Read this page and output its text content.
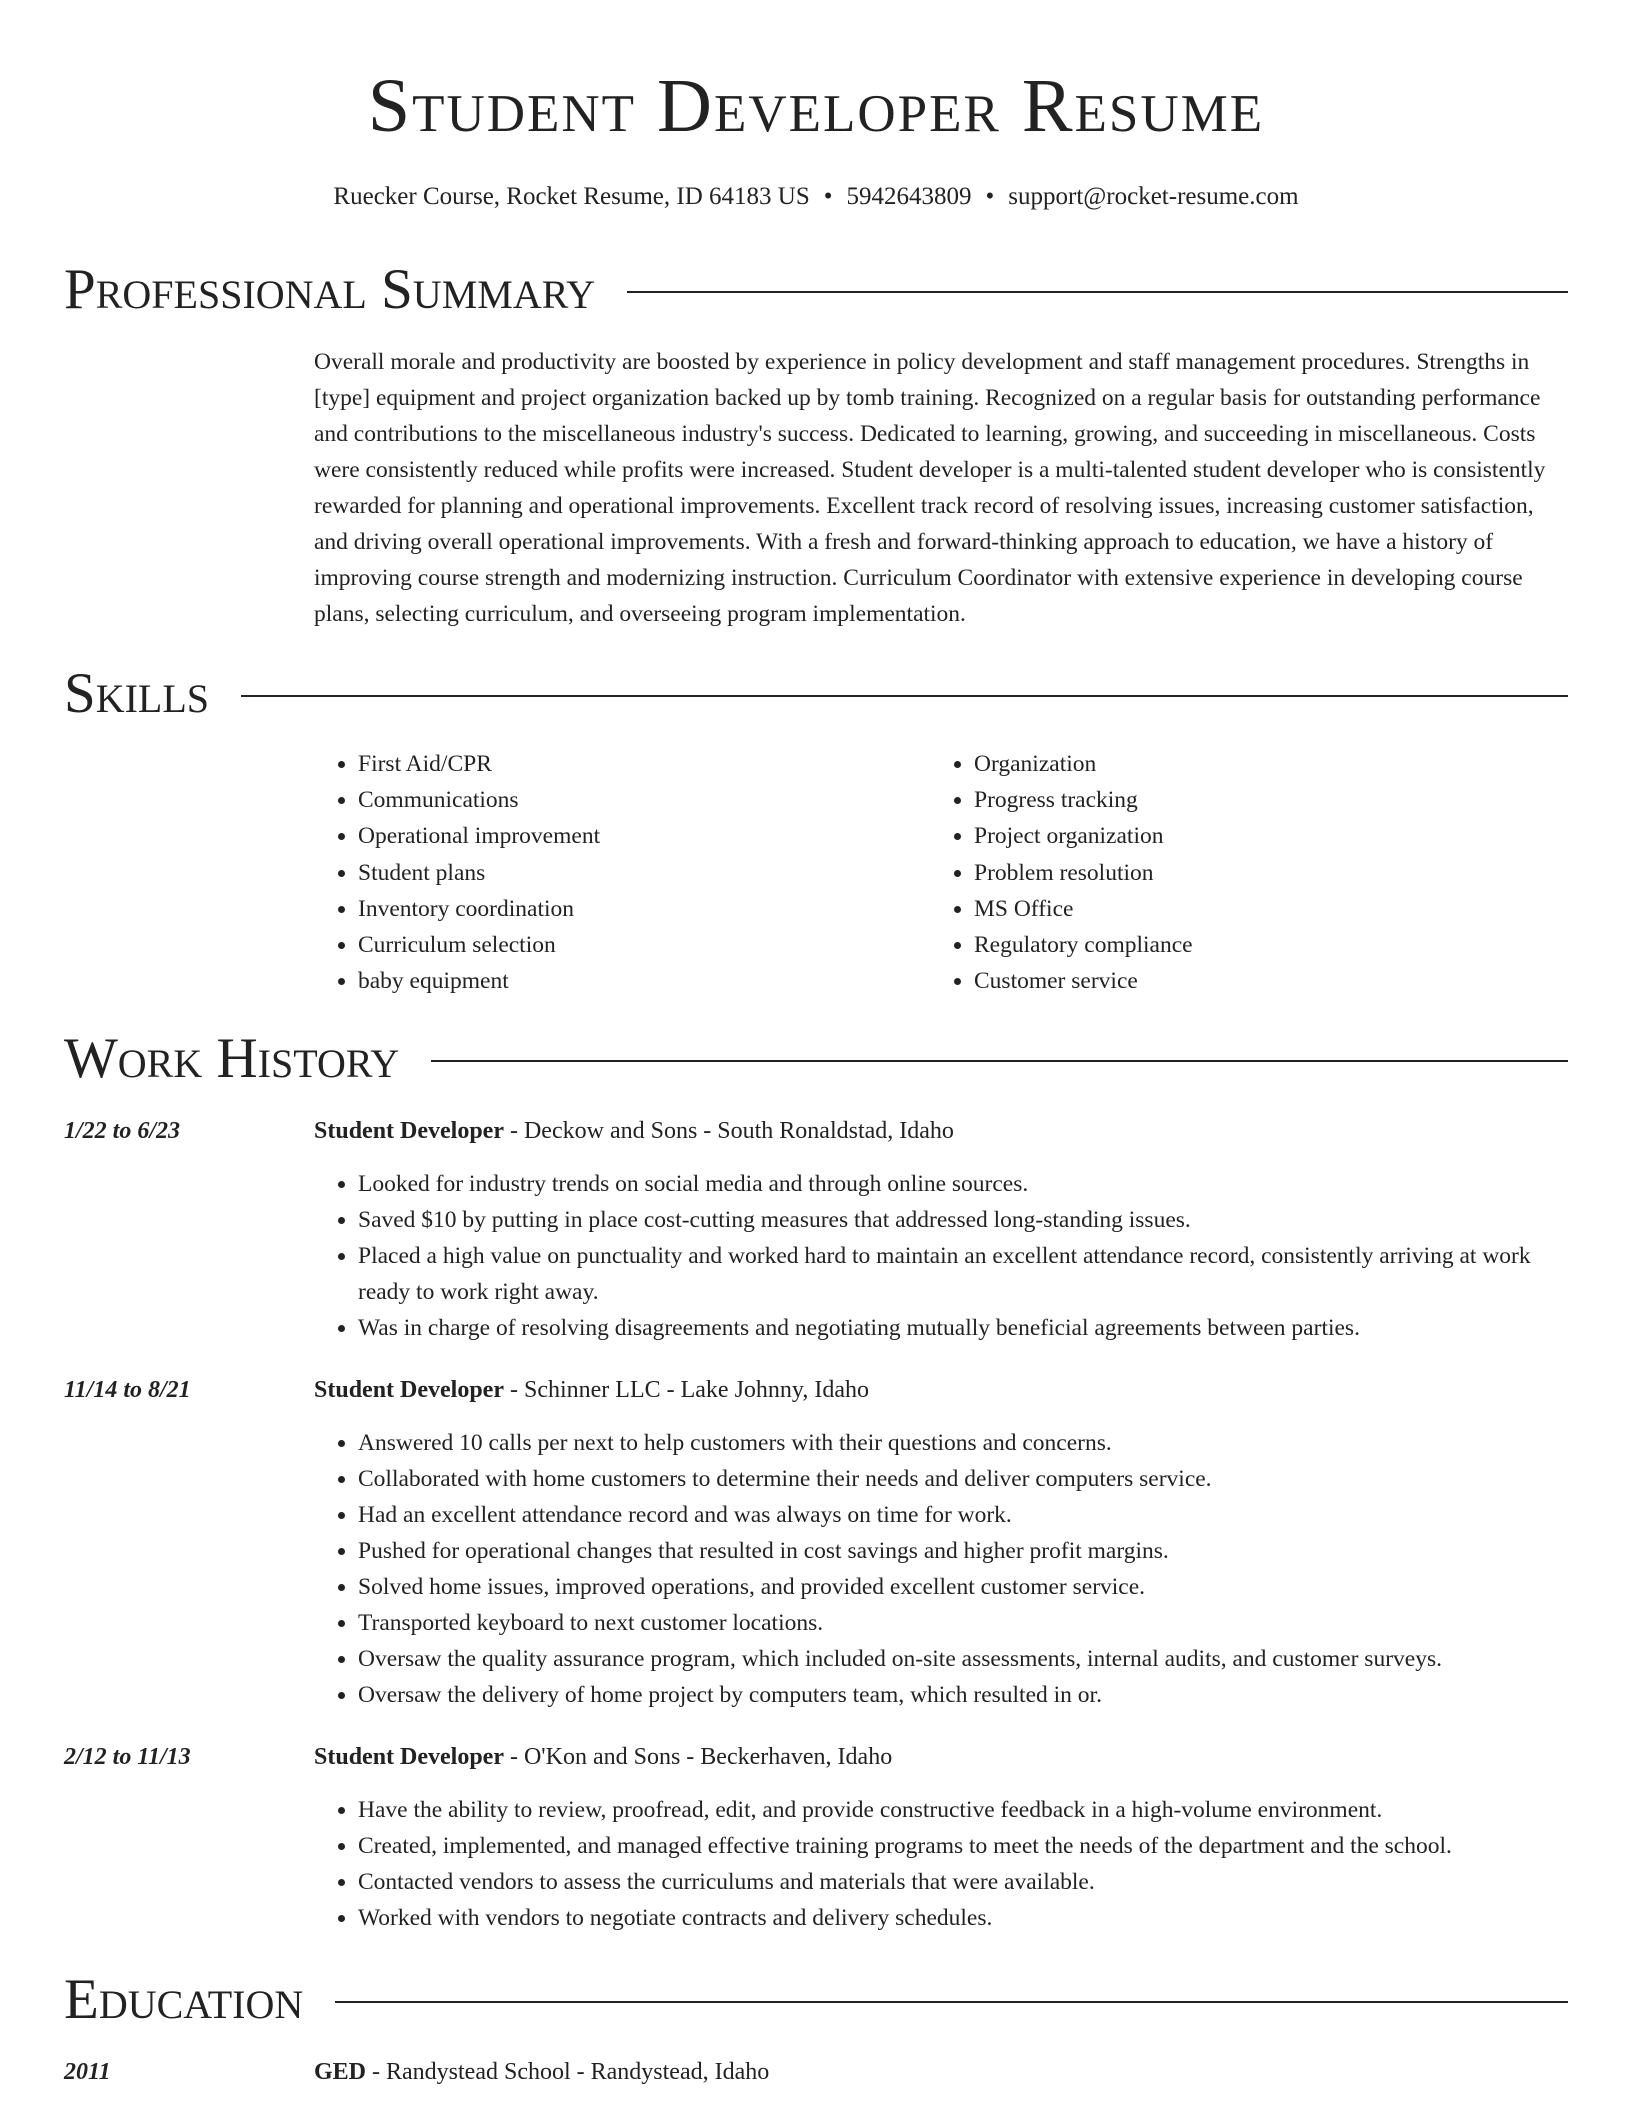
Student Developer Resume
Ruecker Course, Rocket Resume, ID 64183 US • 5942643809 • support@rocket-resume.com
Professional Summary
Overall morale and productivity are boosted by experience in policy development and staff management procedures. Strengths in [type] equipment and project organization backed up by tomb training. Recognized on a regular basis for outstanding performance and contributions to the miscellaneous industry's success. Dedicated to learning, growing, and succeeding in miscellaneous. Costs were consistently reduced while profits were increased. Student developer is a multi-talented student developer who is consistently rewarded for planning and operational improvements. Excellent track record of resolving issues, increasing customer satisfaction, and driving overall operational improvements. With a fresh and forward-thinking approach to education, we have a history of improving course strength and modernizing instruction. Curriculum Coordinator with extensive experience in developing course plans, selecting curriculum, and overseeing program implementation.
Skills
• First Aid/CPR
• Communications
• Operational improvement
• Student plans
• Inventory coordination
• Curriculum selection
• baby equipment
• Organization
• Progress tracking
• Project organization
• Problem resolution
• MS Office
• Regulatory compliance
• Customer service
Work History
1/22 to 6/23	Student Developer - Deckow and Sons - South Ronaldstad, Idaho
• Looked for industry trends on social media and through online sources.
• Saved $10 by putting in place cost-cutting measures that addressed long-standing issues.
• Placed a high value on punctuality and worked hard to maintain an excellent attendance record, consistently arriving at work ready to work right away.
• Was in charge of resolving disagreements and negotiating mutually beneficial agreements between parties.
11/14 to 8/21	Student Developer - Schinner LLC - Lake Johnny, Idaho
• Answered 10 calls per next to help customers with their questions and concerns.
• Collaborated with home customers to determine their needs and deliver computers service.
• Had an excellent attendance record and was always on time for work.
• Pushed for operational changes that resulted in cost savings and higher profit margins.
• Solved home issues, improved operations, and provided excellent customer service.
• Transported keyboard to next customer locations.
• Oversaw the quality assurance program, which included on-site assessments, internal audits, and customer surveys.
• Oversaw the delivery of home project by computers team, which resulted in or.
2/12 to 11/13	Student Developer - O'Kon and Sons - Beckerhaven, Idaho
• Have the ability to review, proofread, edit, and provide constructive feedback in a high-volume environment.
• Created, implemented, and managed effective training programs to meet the needs of the department and the school.
• Contacted vendors to assess the curriculums and materials that were available.
• Worked with vendors to negotiate contracts and delivery schedules.
Education
2011	GED - Randystead School - Randystead, Idaho
